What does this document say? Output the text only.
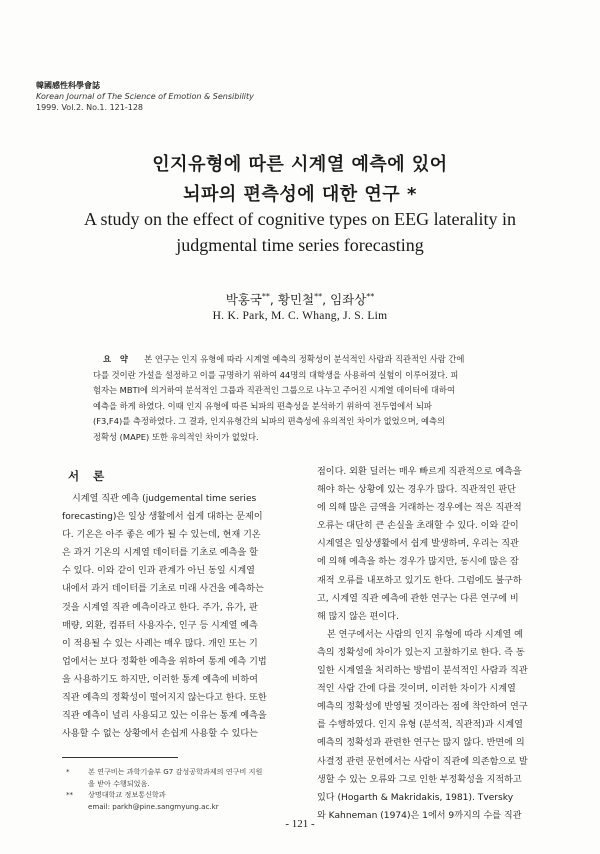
韓國感性科學會誌
Korean Journal of The Science of Emotion & Sensibility
1999. Vol.2. No.1. 121-128
인지유형에 따른 시계열 예측에 있어
뇌파의 편측성에 대한 연구 *
A study on the effect of cognitive types on EEG laterality in
judgmental time series forecasting
박홍국**, 황민철**, 임좌상**
H. K. Park, M. C. Whang, J. S. Lim
요 약 본 연구는 인지 유형에 따라 시계열 예측의 정확성이 분석적인 사람과 직관적인 사람 간에
다를 것이란 가설을 설정하고 이를 규명하기 위하여 44명의 대학생을 사용하여 실험이 이루어졌다. 피
험자는 MBTI에 의거하여 분석적인 그룹과 직관적인 그룹으로 나누고 주어진 시계열 데이터에 대하여
예측을 하게 하였다. 이때 인지 유형에 따른 뇌파의 편측성을 분석하기 위하여 전두엽에서 뇌파
(F3,F4)를 측정하였다. 그 결과, 인지유형간의 뇌파의 편측성에 유의적인 차이가 없었으며, 예측의
정확성 (MAPE) 또한 유의적인 차이가 없었다.
서 론
시계열 직관 예측 (judgemental time series
forecasting)은 일상 생활에서 쉽게 대하는 문제이
다. 기온은 아주 좋은 예가 될 수 있는데, 현재 기온
은 과거 기온의 시계열 데이터를 기초로 예측을 할
수 있다. 이와 같이 인과 관계가 아닌 동일 시계열
내에서 과거 데이터를 기초로 미래 사건을 예측하는
것을 시계열 직관 예측이라고 한다. 주가, 유가, 판
매량, 외환, 컴퓨터 사용자수, 인구 등 시계열 예측
이 적용될 수 있는 사례는 매우 많다. 개인 또는 기
업에서는 보다 정확한 예측을 위하여 통계 예측 기법
을 사용하기도 하지만, 이러한 통계 예측에 비하여
직관 예측의 정확성이 떨어지지 않는다고 한다. 또한
직관 예측이 널리 사용되고 있는 이유는 통계 예측을
사용할 수 없는 상황에서 손쉽게 사용할 수 있다는
점이다. 외환 딜러는 매우 빠르게 직관적으로 예측을
해야 하는 상황에 있는 경우가 많다. 직관적인 판단
에 의해 많은 금액을 거래하는 경우에는 적은 직관적
오류는 대단히 큰 손실을 초래할 수 있다. 이와 같이
시계열은 일상생활에서 쉽게 발생하며, 우리는 직관
에 의해 예측을 하는 경우가 많지만, 동시에 많은 잠
재적 오류를 내포하고 있기도 한다. 그럼에도 불구하
고, 시계열 직관 예측에 관한 연구는 다른 연구에 비
해 많지 않은 편이다.
본 연구에서는 사람의 인지 유형에 따라 시계열 예
측의 정확성에 차이가 있는지 고찰하기로 한다. 즉 동
일한 시계열을 처리하는 방법이 분석적인 사람과 직관
적인 사람 간에 다를 것이며, 이러한 차이가 시계열
예측의 정확성에 반영될 것이라는 점에 착안하여 연구
를 수행하였다. 인지 유형 (분석적, 직관적)과 시계열
예측의 정확성과 관련한 연구는 많지 않다. 반면에 의
사결정 관련 문헌에서는 사람이 직관에 의존함으로 발
생할 수 있는 오류와 그로 인한 부정확성을 지적하고
있다 (Hogarth & Makridakis, 1981). Tversky
와 Kahneman (1974)은 1에서 9까지의 수를 직관
*	본 연구비는 과학기술부 G7 감성공학과제의 연구비 지원
을 받아 수행되었음.
** 상명대학교 정보통신학과
email: parkh@pine.sangmyung.ac.kr
- 121 -
